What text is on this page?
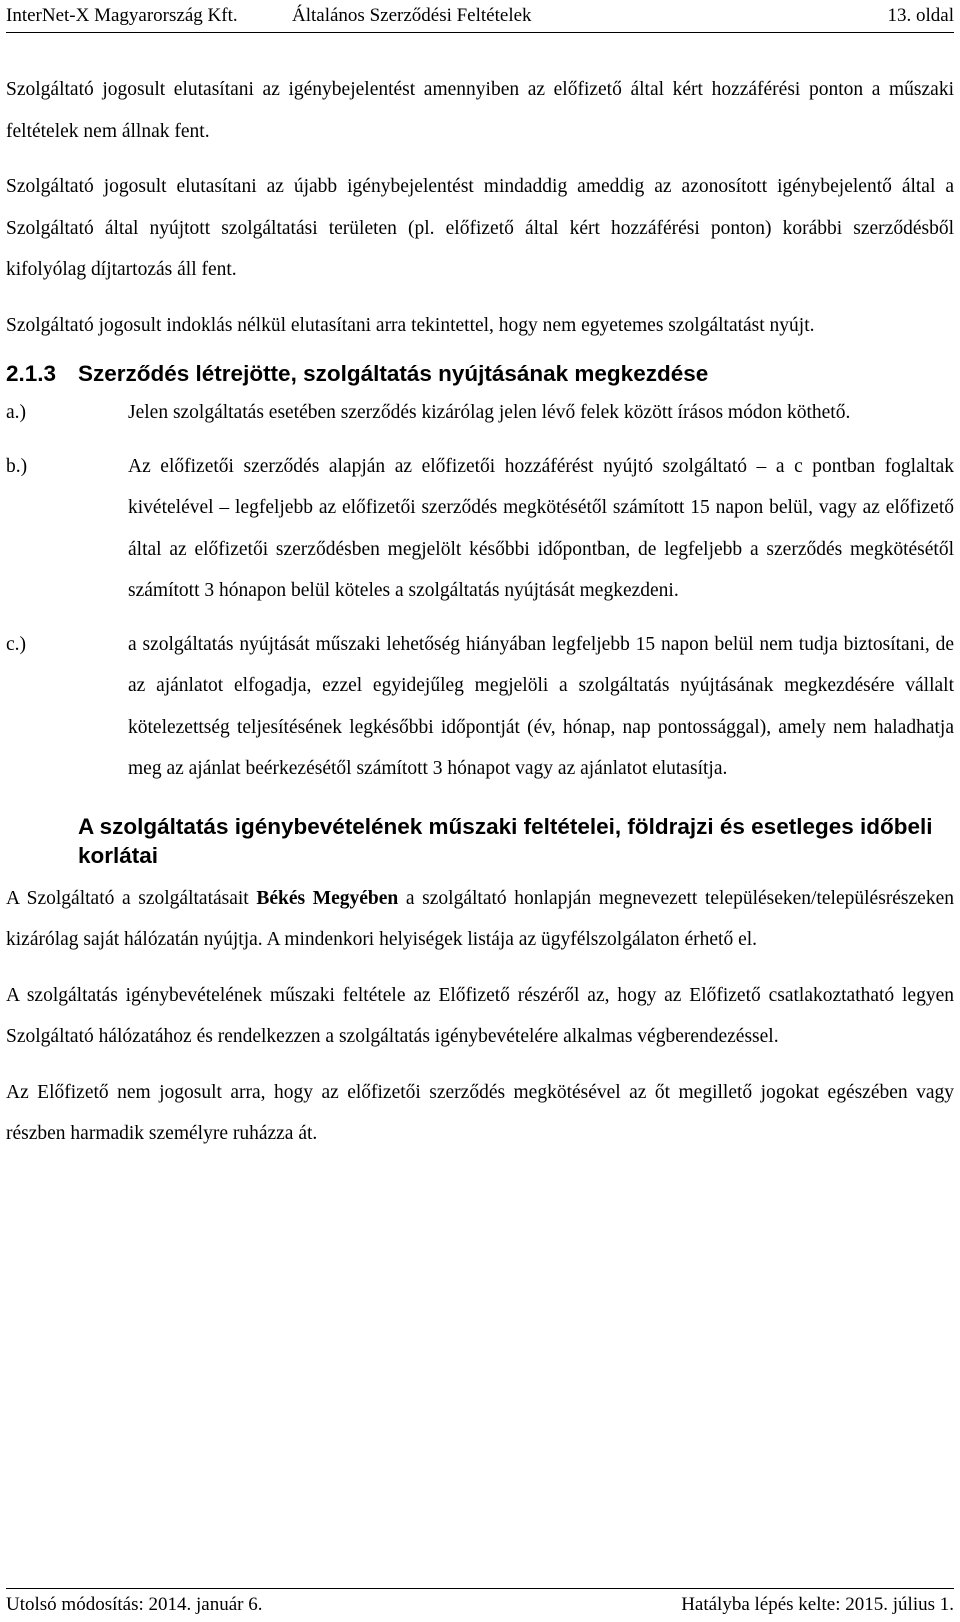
InterNet-X Magyarország Kft.	Általános Szerződési Feltételek	13. oldal

Szolgáltató jogosult elutasítani az igénybejelentést amennyiben az előfizető által kért hozzáférési ponton a műszaki feltételek nem állnak fent.

Szolgáltató jogosult elutasítani az újabb igénybejelentést mindaddig ameddig az azonosított igénybejelentő által a Szolgáltató által nyújtott szolgáltatási területen (pl. előfizető által kért hozzáférési ponton) korábbi szerződésből kifolyólag díjtartozás áll fent.

Szolgáltató jogosult indoklás nélkül elutasítani arra tekintettel, hogy nem egyetemes szolgáltatást nyújt.

2.1.3 Szerződés létrejötte, szolgáltatás nyújtásának megkezdése
a.)	Jelen szolgáltatás esetében szerződés kizárólag jelen lévő felek között írásos módon köthető.
b.)	Az előfizetői szerződés alapján az előfizetői hozzáférést nyújtó szolgáltató – a c pontban foglaltak kivételével – legfeljebb az előfizetői szerződés megkötésétől számított 15 napon belül, vagy az előfizető által az előfizetői szerződésben megjelölt későbbi időpontban, de legfeljebb a szerződés megkötésétől számított 3 hónapon belül köteles a szolgáltatás nyújtását megkezdeni.
c.)	a szolgáltatás nyújtását műszaki lehetőség hiányában legfeljebb 15 napon belül nem tudja biztosítani, de az ajánlatot elfogadja, ezzel egyidejűleg megjelöli a szolgáltatás nyújtásának megkezdésére vállalt kötelezettség teljesítésének legkésőbbi időpontját (év, hónap, nap pontossággal), amely nem haladhatja meg az ajánlat beérkezésétől számított 3 hónapot vagy az ajánlatot elutasítja.
A szolgáltatás igénybevételének műszaki feltételei, földrajzi és esetleges időbeli korlátai

A Szolgáltató a szolgáltatásait Békés Megyében a szolgáltató honlapján megnevezett településeken/településrészeken kizárólag saját hálózatán nyújtja. A mindenkori helyiségek listája az ügyfélszolgálaton érhető el.

A szolgáltatás igénybevételének műszaki feltétele az Előfizető részéről az, hogy az Előfizető csatlakoztatható legyen Szolgáltató hálózatához és rendelkezzen a szolgáltatás igénybevételére alkalmas végberendezéssel.

Az Előfizető nem jogosult arra, hogy az előfizetői szerződés megkötésével az őt megillető jogokat egészében vagy részben harmadik személyre ruházza át.

Utolsó módosítás: 2014. január 6.	Hatályba lépés kelte: 2015. július 1.
